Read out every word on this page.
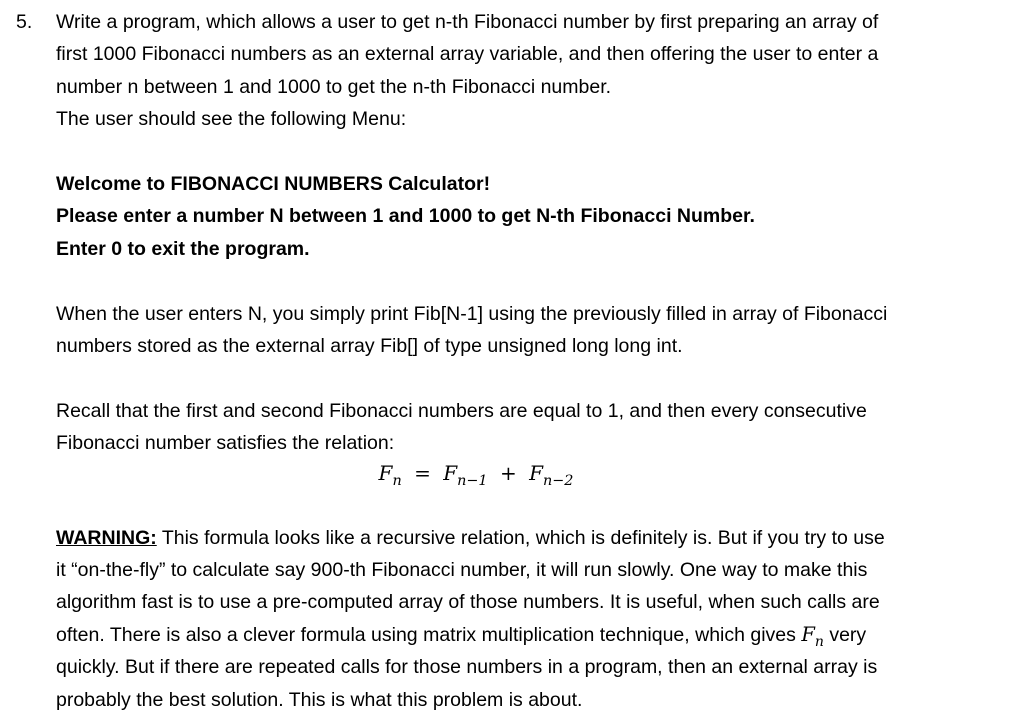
5. Write a program, which allows a user to get n-th Fibonacci number by first preparing an array of
first 1000 Fibonacci numbers as an external array variable, and then offering the user to enter a
number n between 1 and 1000 to get the n-th Fibonacci number.
The user should see the following Menu:
Welcome to FIBONACCI NUMBERS Calculator!
Please enter a number N between 1 and 1000 to get N-th Fibonacci Number.
Enter 0 to exit the program.
When the user enters N, you simply print Fib[N-1] using the previously filled in array of Fibonacci
numbers stored as the external array Fib[] of type unsigned long long int.
Recall that the first and second Fibonacci numbers are equal to 1, and then every consecutive
Fibonacci number satisfies the relation:
$F_n = F_{n-1} + F_{n-2}$
WARNING: This formula looks like a recursive relation, which is definitely is. But if you try to use
it “on-the-fly” to calculate say 900-th Fibonacci number, it will run slowly. One way to make this
algorithm fast is to use a pre-computed array of those numbers. It is useful, when such calls are
often. There is also a clever formula using matrix multiplication technique, which gives $F_n$ very
quickly. But if there are repeated calls for those numbers in a program, then an external array is
probably the best solution. This is what this problem is about.
